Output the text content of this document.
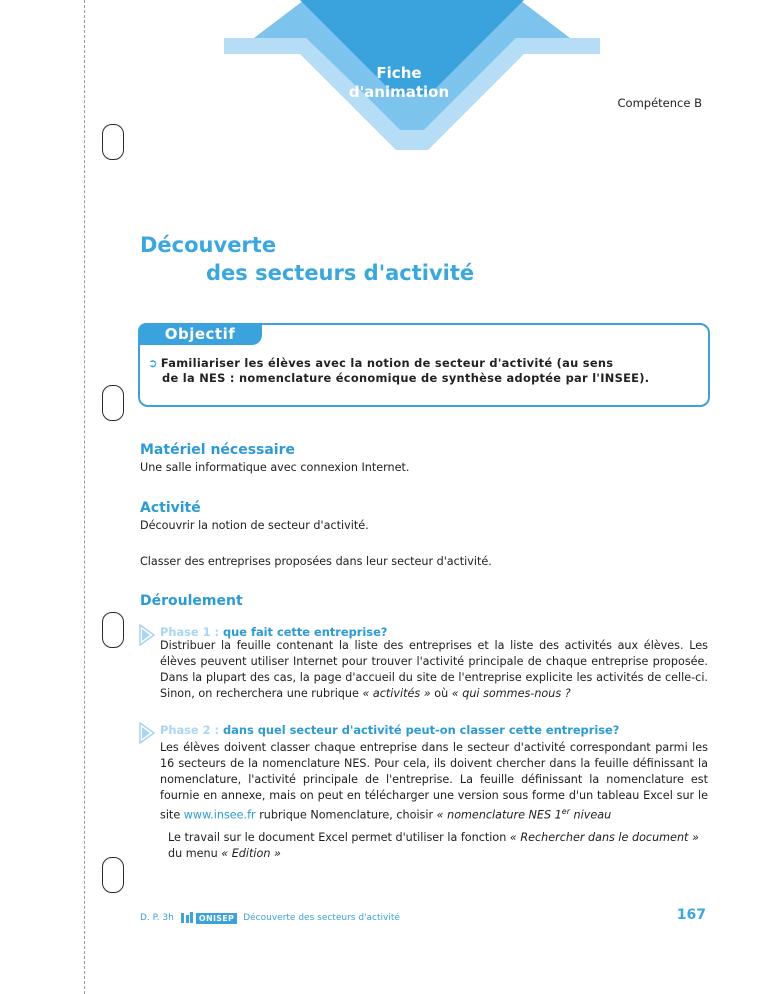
Fiche
d'animation
Compétence B
Découverte
des secteurs d'activité
Objectif
➲ Familiariser les élèves avec la notion de secteur d'activité (au sens
de la NES : nomenclature économique de synthèse adoptée par l'INSEE).
Matériel nécessaire
Une salle informatique avec connexion Internet.
Activité
Découvrir la notion de secteur d'activité.
Classer des entreprises proposées dans leur secteur d'activité.
Déroulement
Phase 1 : que fait cette entreprise?
Distribuer la feuille contenant la liste des entreprises et la liste des activités aux élèves. Les élèves peuvent utiliser Internet pour trouver l'activité principale de chaque entreprise proposée. Dans la plupart des cas, la page d'accueil du site de l'entreprise explicite les activités de celle-ci. Sinon, on recherchera une rubrique « activités » où « qui sommes-nous ?
Phase 2 : dans quel secteur d'activité peut-on classer cette entreprise?
Les élèves doivent classer chaque entreprise dans le secteur d'activité correspondant parmi les 16 secteurs de la nomenclature NES. Pour cela, ils doivent chercher dans la feuille définissant la nomenclature, l'activité principale de l'entreprise. La feuille définissant la nomenclature est fournie en annexe, mais on peut en télécharger une version sous forme d'un tableau Excel sur le site www.insee.fr rubrique Nomenclature, choisir « nomenclature NES 1er niveau
Le travail sur le document Excel permet d'utiliser la fonction « Rechercher dans le document » du menu « Edition »
D. P. 3h	ONISEP	Découverte des secteurs d'activité	167
